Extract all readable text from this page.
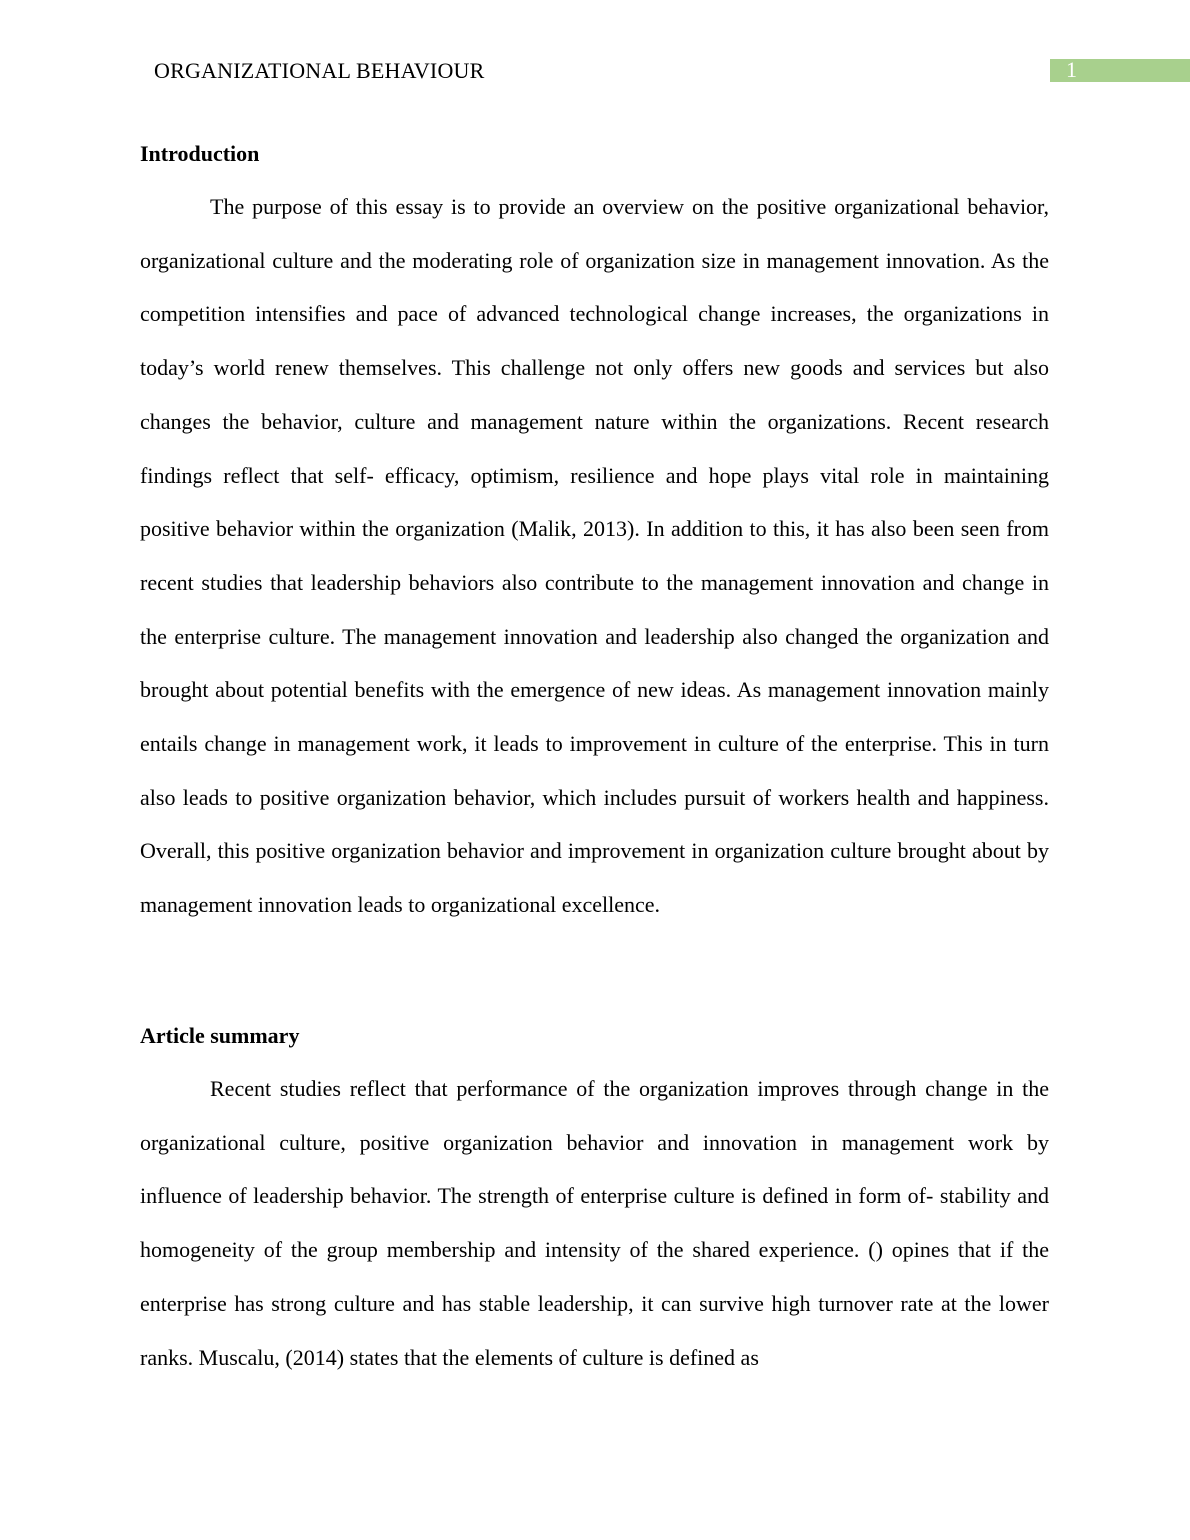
ORGANIZATIONAL BEHAVIOUR	1
Introduction

The purpose of this essay is to provide an overview on the positive organizational behavior, organizational culture and the moderating role of organization size in management innovation. As the competition intensifies and pace of advanced technological change increases, the organizations in today’s world renew themselves. This challenge not only offers new goods and services but also changes the behavior, culture and management nature within the organizations. Recent research findings reflect that self- efficacy, optimism, resilience and hope plays vital role in maintaining positive behavior within the organization (Malik, 2013). In addition to this, it has also been seen from recent studies that leadership behaviors also contribute to the management innovation and change in the enterprise culture. The management innovation and leadership also changed the organization and brought about potential benefits with the emergence of new ideas. As management innovation mainly entails change in management work, it leads to improvement in culture of the enterprise. This in turn also leads to positive organization behavior, which includes pursuit of workers health and happiness. Overall, this positive organization behavior and improvement in organization culture brought about by management innovation leads to organizational excellence.

Article summary

Recent studies reflect that performance of the organization improves through change in the organizational culture, positive organization behavior and innovation in management work by influence of leadership behavior. The strength of enterprise culture is defined in form of- stability and homogeneity of the group membership and intensity of the shared experience. () opines that if the enterprise has strong culture and has stable leadership, it can survive high turnover rate at the lower ranks. Muscalu, (2014) states that the elements of culture is defined as
